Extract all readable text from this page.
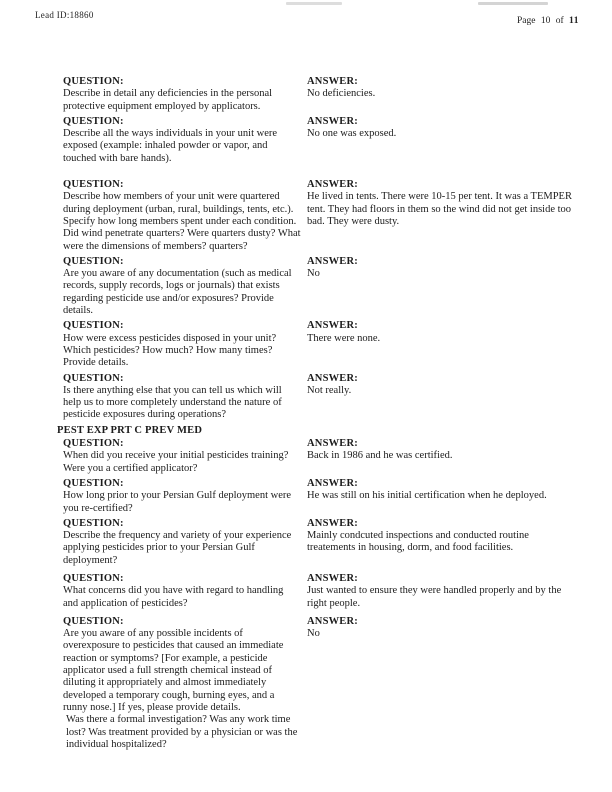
Lead ID:18860
Page 10 of 11
QUESTION:
Describe in detail any deficiencies in the personal protective equipment employed by applicators.
ANSWER:
No deficiencies.
QUESTION:
Describe all the ways individuals in your unit were exposed (example: inhaled powder or vapor, and touched with bare hands).
ANSWER:
No one was exposed.
QUESTION:
Describe how members of your unit were quartered during deployment (urban, rural, buildings, tents, etc.). Specify how long members spent under each condition. Did wind penetrate quarters? Were quarters dusty? What were the dimensions of members? quarters?
ANSWER:
He lived in tents. There were 10-15 per tent. It was a TEMPER tent. They had floors in them so the wind did not get inside too bad. They were dusty.
QUESTION:
Are you aware of any documentation (such as medical records, supply records, logs or journals) that exists regarding pesticide use and/or exposures? Provide details.
ANSWER:
No
QUESTION:
How were excess pesticides disposed in your unit? Which pesticides? How much? How many times? Provide details.
ANSWER:
There were none.
QUESTION:
Is there anything else that you can tell us which will help us to more completely understand the nature of pesticide exposures during operations?
ANSWER:
Not really.
PEST EXP PRT C PREV MED
QUESTION:
When did you receive your initial pesticides training? Were you a certified applicator?
ANSWER:
Back in 1986 and he was certified.
QUESTION:
How long prior to your Persian Gulf deployment were you re-certified?
ANSWER:
He was still on his initial certification when he deployed.
QUESTION:
Describe the frequency and variety of your experience applying pesticides prior to your Persian Gulf deployment?
ANSWER:
Mainly condcuted inspections and conducted routine treatements in housing, dorm, and food facilities.
QUESTION:
What concerns did you have with regard to handling and application of pesticides?
ANSWER:
Just wanted to ensure they were handled properly and by the right people.
QUESTION:
Are you aware of any possible incidents of overexposure to pesticides that caused an immediate reaction or symptoms? [For example, a pesticide applicator used a full strength chemical instead of diluting it appropriately and almost immediately developed a temporary cough, burning eyes, and a runny nose.] If yes, please provide details.
Was there a formal investigation? Was any work time lost? Was treatment provided by a physician or was the individual hospitalized?
ANSWER:
No
